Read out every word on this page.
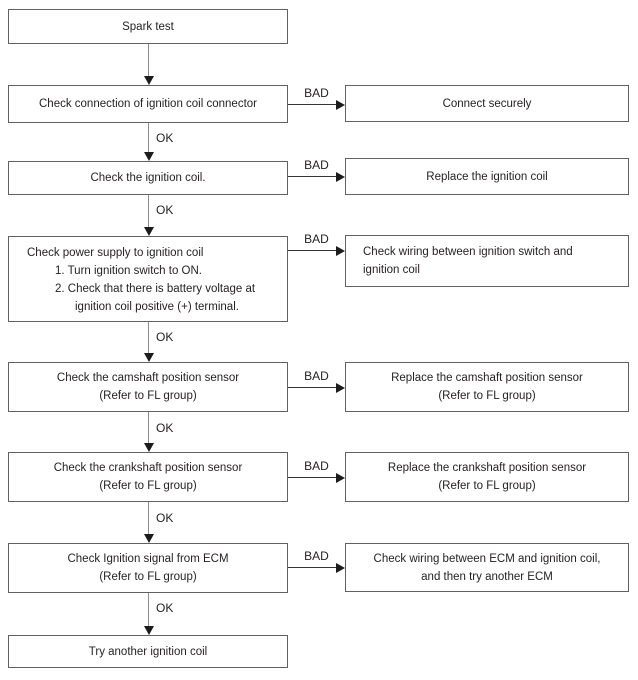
Spark test
Check connection of ignition coil connector
Check the ignition coil.
Check power supply to ignition coil
1. Turn ignition switch to ON.
2. Check that there is battery voltage at
ignition coil positive (+) terminal.
Check the camshaft position sensor
(Refer to FL group)
Check the crankshaft position sensor
(Refer to FL group)
Check Ignition signal from ECM
(Refer to FL group)
Try another ignition coil
Connect securely
Replace the ignition coil
Check wiring between ignition switch and
ignition coil
Replace the camshaft position sensor
(Refer to FL group)
Replace the crankshaft position sensor
(Refer to FL group)
Check wiring between ECM and ignition coil,
and then try another ECM
OK
OK
OK
OK
OK
OK
BAD
BAD
BAD
BAD
BAD
BAD
